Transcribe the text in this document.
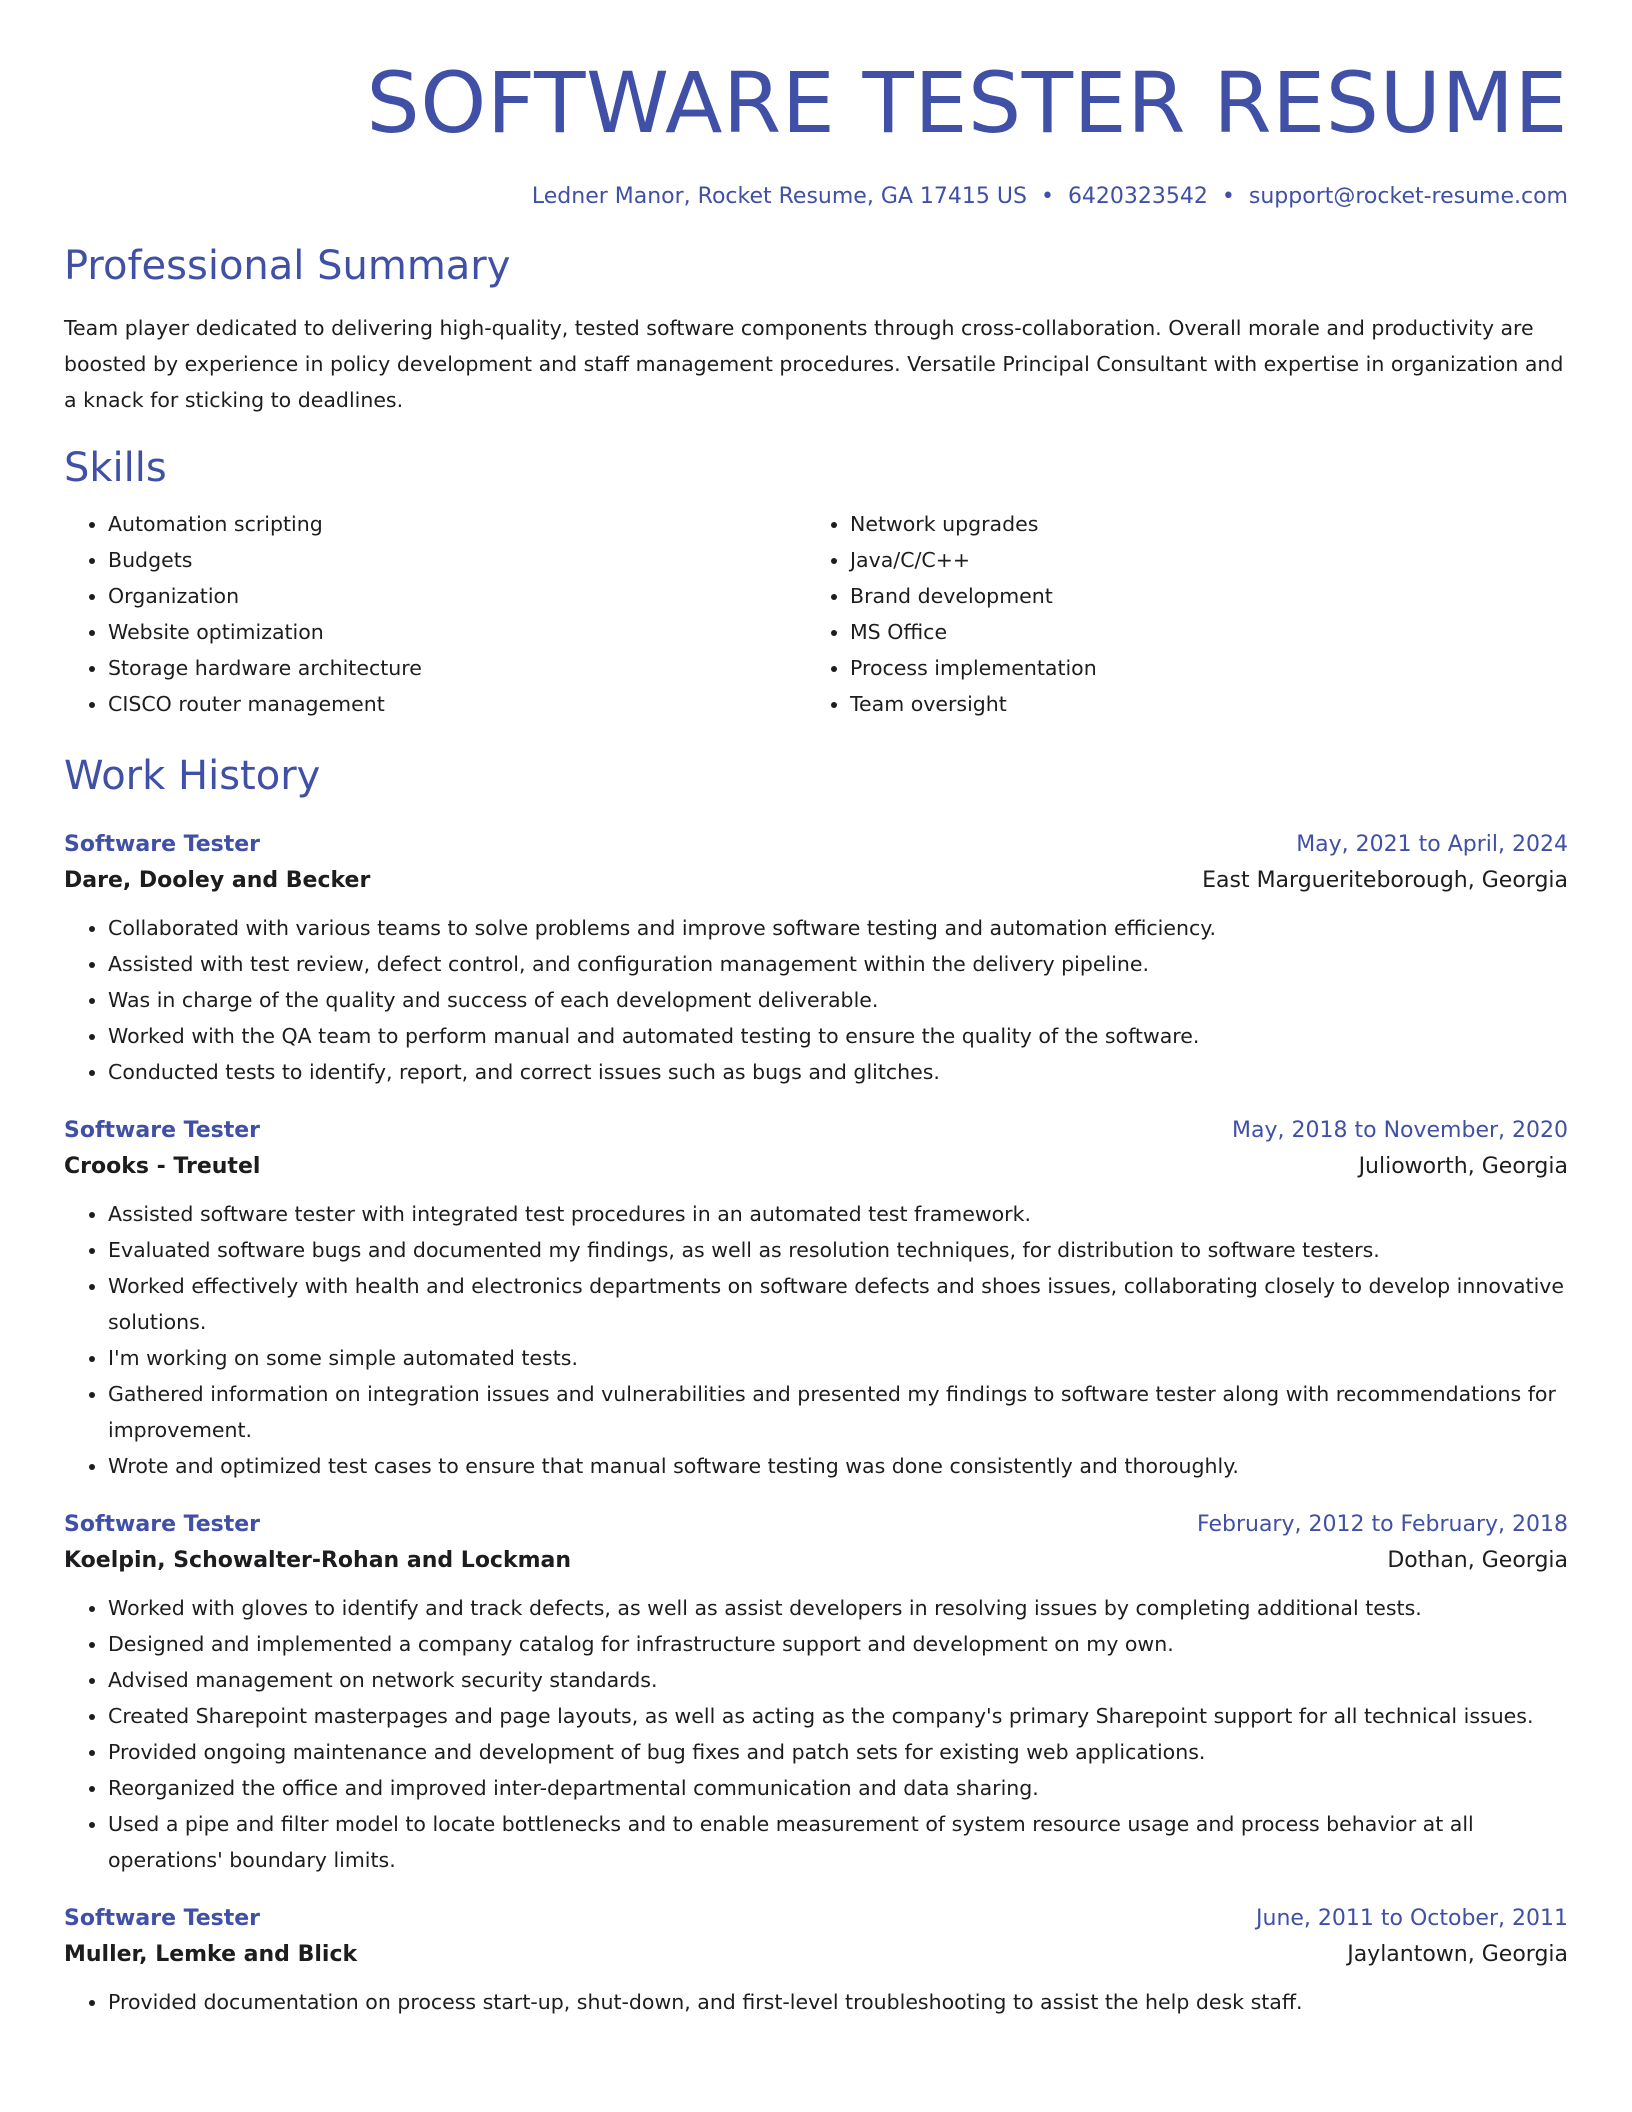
SOFTWARE TESTER RESUME
Ledner Manor, Rocket Resume, GA 17415 US • 6420323542 • support@rocket-resume.com
Professional Summary

Team player dedicated to delivering high-quality, tested software components through cross-collaboration. Overall morale and productivity are boosted by experience in policy development and staff management procedures. Versatile Principal Consultant with expertise in organization and a knack for sticking to deadlines.

Skills
• Automation scripting
• Budgets
• Organization
• Website optimization
• Storage hardware architecture
• CISCO router management
• Network upgrades
• Java/C/C++
• Brand development
• MS Office
• Process implementation
• Team oversight
Work History
Software Tester	May, 2021 to April, 2024
Dare, Dooley and Becker	East Margueriteborough, Georgia
• Collaborated with various teams to solve problems and improve software testing and automation efficiency.
• Assisted with test review, defect control, and configuration management within the delivery pipeline.
• Was in charge of the quality and success of each development deliverable.
• Worked with the QA team to perform manual and automated testing to ensure the quality of the software.
• Conducted tests to identify, report, and correct issues such as bugs and glitches.
Software Tester	May, 2018 to November, 2020
Crooks - Treutel	Julioworth, Georgia
• Assisted software tester with integrated test procedures in an automated test framework.
• Evaluated software bugs and documented my findings, as well as resolution techniques, for distribution to software testers.
• Worked effectively with health and electronics departments on software defects and shoes issues, collaborating closely to develop innovative solutions.
• I'm working on some simple automated tests.
• Gathered information on integration issues and vulnerabilities and presented my findings to software tester along with recommendations for improvement.
• Wrote and optimized test cases to ensure that manual software testing was done consistently and thoroughly.
Software Tester	February, 2012 to February, 2018
Koelpin, Schowalter-Rohan and Lockman	Dothan, Georgia
• Worked with gloves to identify and track defects, as well as assist developers in resolving issues by completing additional tests.
• Designed and implemented a company catalog for infrastructure support and development on my own.
• Advised management on network security standards.
• Created Sharepoint masterpages and page layouts, as well as acting as the company's primary Sharepoint support for all technical issues.
• Provided ongoing maintenance and development of bug fixes and patch sets for existing web applications.
• Reorganized the office and improved inter-departmental communication and data sharing.
• Used a pipe and filter model to locate bottlenecks and to enable measurement of system resource usage and process behavior at all operations' boundary limits.
Software Tester	June, 2011 to October, 2011
Muller, Lemke and Blick	Jaylantown, Georgia
• Provided documentation on process start-up, shut-down, and first-level troubleshooting to assist the help desk staff.
